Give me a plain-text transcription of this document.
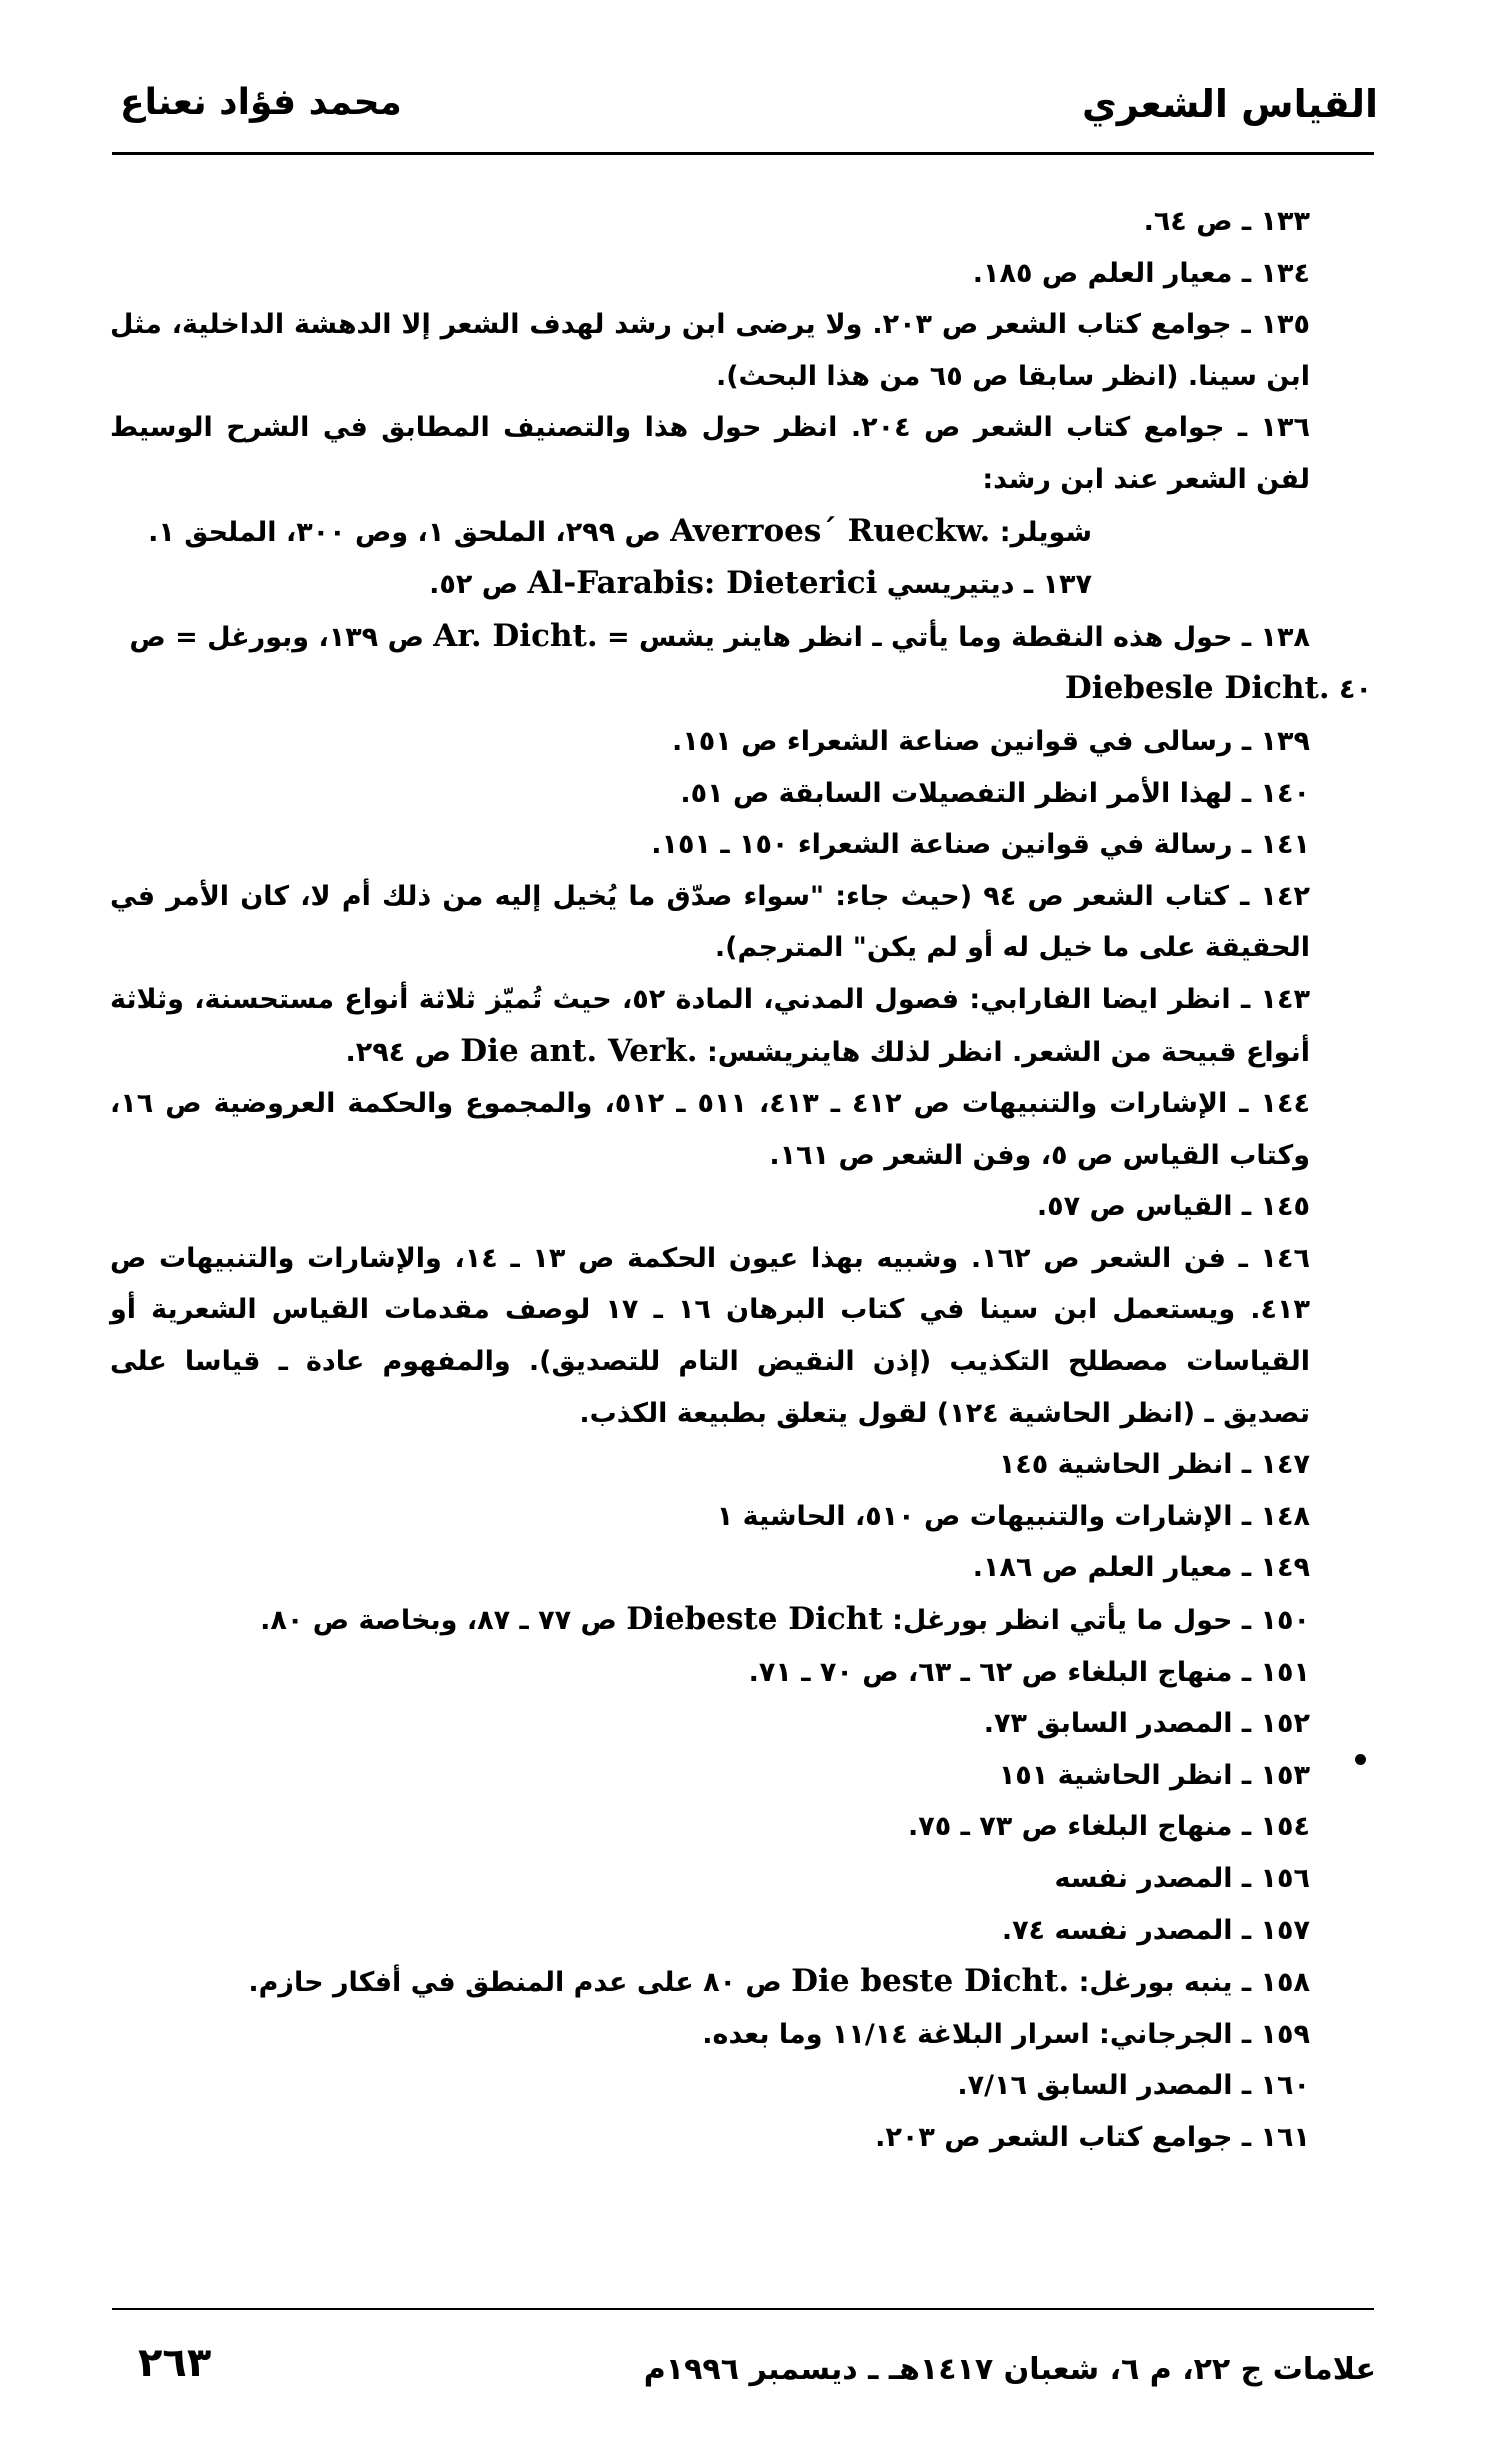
القياس الشعري
محمد فؤاد نعناع

١٣٣ ـ ص ٦٤.

١٣٤ ـ معيار العلم ص ١٨٥.

١٣٥ ـ جوامع كتاب الشعر ص ٢٠٣. ولا يرضى ابن رشد لهدف الشعر إلا الدهشة الداخلية، مثل ابن سينا. (انظر سابقا ص ٦٥ من هذا البحث).

١٣٦ ـ جوامع كتاب الشعر ص ٢٠٤. انظر حول هذا والتصنيف المطابق في الشرح الوسيط لفن الشعر عند ابن رشد:

شويلر: Averroes´ Rueckw. ص ٢٩٩، الملحق ١، وص ٣٠٠، الملحق ١.

١٣٧ ـ ديتيريسي Al-Farabis: Dieterici ص ٥٢.

١٣٨ ـ حول هذه النقطة وما يأتي ـ انظر هاينر يشس = Ar. Dicht. ص ١٣٩، وبورغل = ص

٤٠ Diebesle Dicht.

١٣٩ ـ رسالى في قوانين صناعة الشعراء ص ١٥١.

١٤٠ ـ لهذا الأمر انظر التفصيلات السابقة ص ٥١.

١٤١ ـ رسالة في قوانين صناعة الشعراء ١٥٠ ـ ١٥١.

١٤٢ ـ كتاب الشعر ص ٩٤ (حيث جاء: "سواء صدّق ما يُخيل إليه من ذلك أم لا، كان الأمر في الحقيقة على ما خيل له أو لم يكن" المترجم).

١٤٣ ـ انظر ايضا الفارابي: فصول المدني، المادة ٥٢، حيث تُميّز ثلاثة أنواع مستحسنة، وثلاثة أنواع قبيحة من الشعر. انظر لذلك هاينريشس: Die ant. Verk. ص ٢٩٤.

١٤٤ ـ الإشارات والتنبيهات ص ٤١٢ ـ ٤١٣، ٥١١ ـ ٥١٢، والمجموع والحكمة العروضية ص ١٦، وكتاب القياس ص ٥، وفن الشعر ص ١٦١.

١٤٥ ـ القياس ص ٥٧.

١٤٦ ـ فن الشعر ص ١٦٢. وشبيه بهذا عيون الحكمة ص ١٣ ـ ١٤، والإشارات والتنبيهات ص ٤١٣. ويستعمل ابن سينا في كتاب البرهان ١٦ ـ ١٧ لوصف مقدمات القياس الشعرية أو القياسات مصطلح التكذيب (إذن النقيض التام للتصديق). والمفهوم عادة ـ قياسا على تصديق ـ (انظر الحاشية ١٢٤) لقول يتعلق بطبيعة الكذب.

١٤٧ ـ انظر الحاشية ١٤٥

١٤٨ ـ الإشارات والتنبيهات ص ٥١٠، الحاشية ١

١٤٩ ـ معيار العلم ص ١٨٦.

١٥٠ ـ حول ما يأتي انظر بورغل: Diebeste Dicht ص ٧٧ ـ ٨٧، وبخاصة ص ٨٠.

١٥١ ـ منهاج البلغاء ص ٦٢ ـ ٦٣، ص ٧٠ ـ ٧١.

١٥٢ ـ المصدر السابق ٧٣.

١٥٣ ـ انظر الحاشية ١٥١

١٥٤ ـ منهاج البلغاء ص ٧٣ ـ ٧٥.

١٥٦ ـ المصدر نفسه

١٥٧ ـ المصدر نفسه ٧٤.

١٥٨ ـ ينبه بورغل: Die beste Dicht. ص ٨٠ على عدم المنطق في أفكار حازم.

١٥٩ ـ الجرجاني: اسرار البلاغة ١١/١٤ وما بعده.

١٦٠ ـ المصدر السابق ٧/١٦.

١٦١ ـ جوامع كتاب الشعر ص ٢٠٣.

علامات ج ٢٢، م ٦، شعبان ١٤١٧هـ ـ ديسمبر ١٩٩٦م
٢٦٣
